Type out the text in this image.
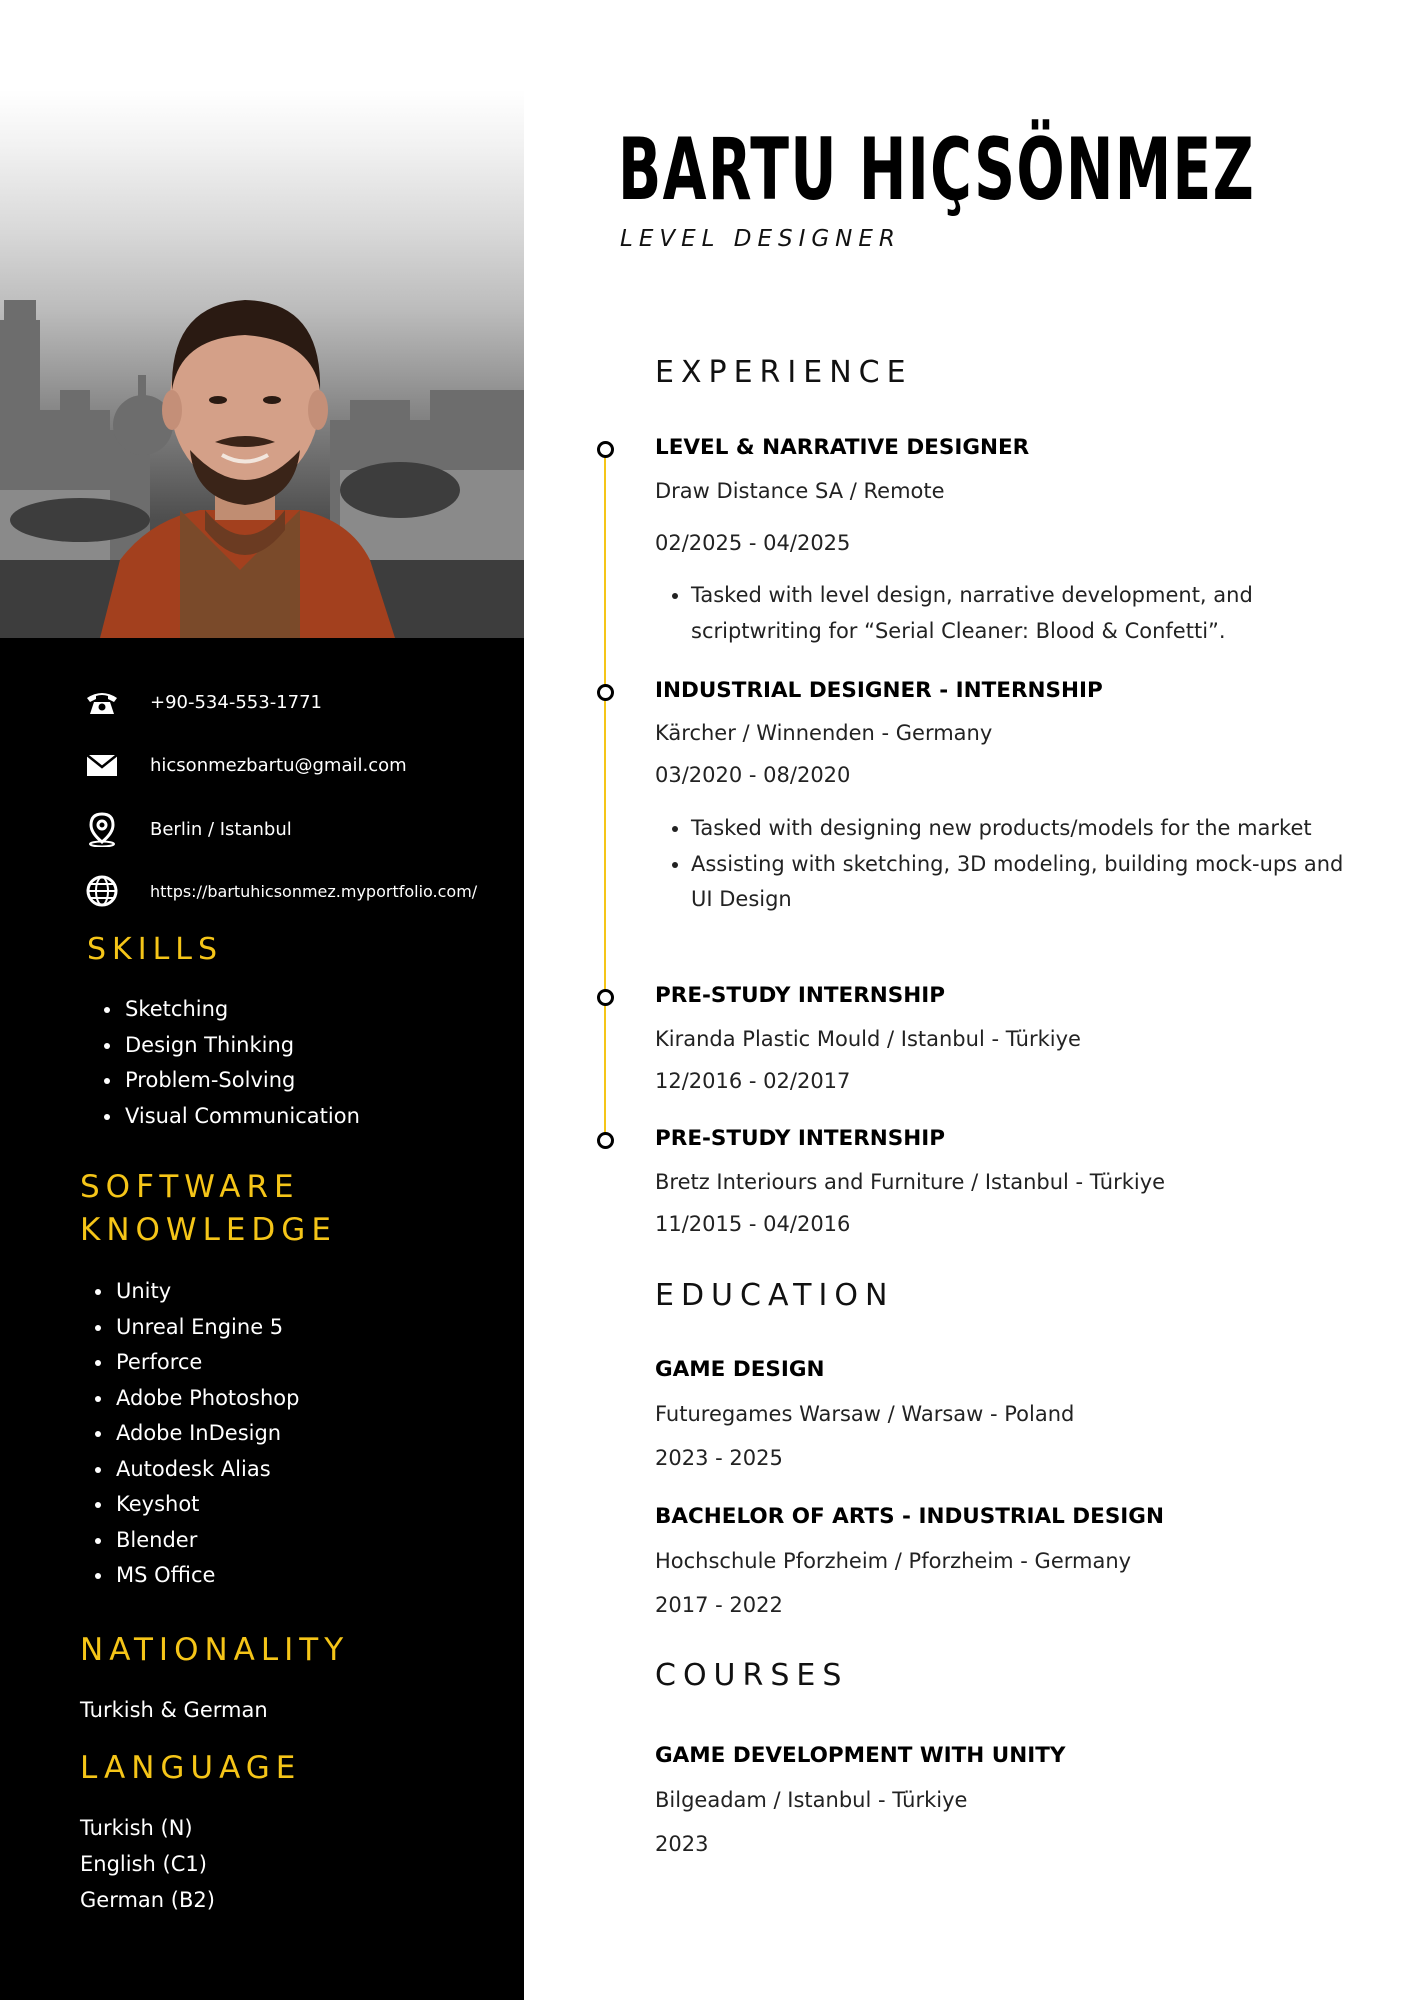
+90-534-553-1771
hicsonmezbartu@gmail.com
Berlin / Istanbul
https://bartuhicsonmez.myportfolio.com/
SKILLS
• Sketching
• Design Thinking
• Problem-Solving
• Visual Communication
SOFTWARE
KNOWLEDGE
• Unity
• Unreal Engine 5
• Perforce
• Adobe Photoshop
• Adobe InDesign
• Autodesk Alias
• Keyshot
• Blender
• MS Office
NATIONALITY

Turkish & German

LANGUAGE

Turkish (N)

English (C1)

German (B2)

BARTU HIÇSÖNMEZ

LEVEL DESIGNER

EXPERIENCE

LEVEL & NARRATIVE DESIGNER

Draw Distance SA / Remote

02/2025 - 04/2025

• Tasked with level design, narrative development, and scriptwriting for “Serial Cleaner: Blood & Confetti”.

INDUSTRIAL DESIGNER - INTERNSHIP

Kärcher / Winnenden - Germany

03/2020 - 08/2020

• Tasked with designing new products/models for the market
• Assisting with sketching, 3D modeling, building mock-ups and UI Design

PRE-STUDY INTERNSHIP

Kiranda Plastic Mould / Istanbul - Türkiye

12/2016 - 02/2017

PRE-STUDY INTERNSHIP

Bretz Interiours and Furniture / Istanbul - Türkiye

11/2015 - 04/2016

EDUCATION

GAME DESIGN

Futuregames Warsaw / Warsaw - Poland

2023 - 2025

BACHELOR OF ARTS - INDUSTRIAL DESIGN

Hochschule Pforzheim / Pforzheim - Germany

2017 - 2022

COURSES

GAME DEVELOPMENT WITH UNITY

Bilgeadam / Istanbul - Türkiye

2023
